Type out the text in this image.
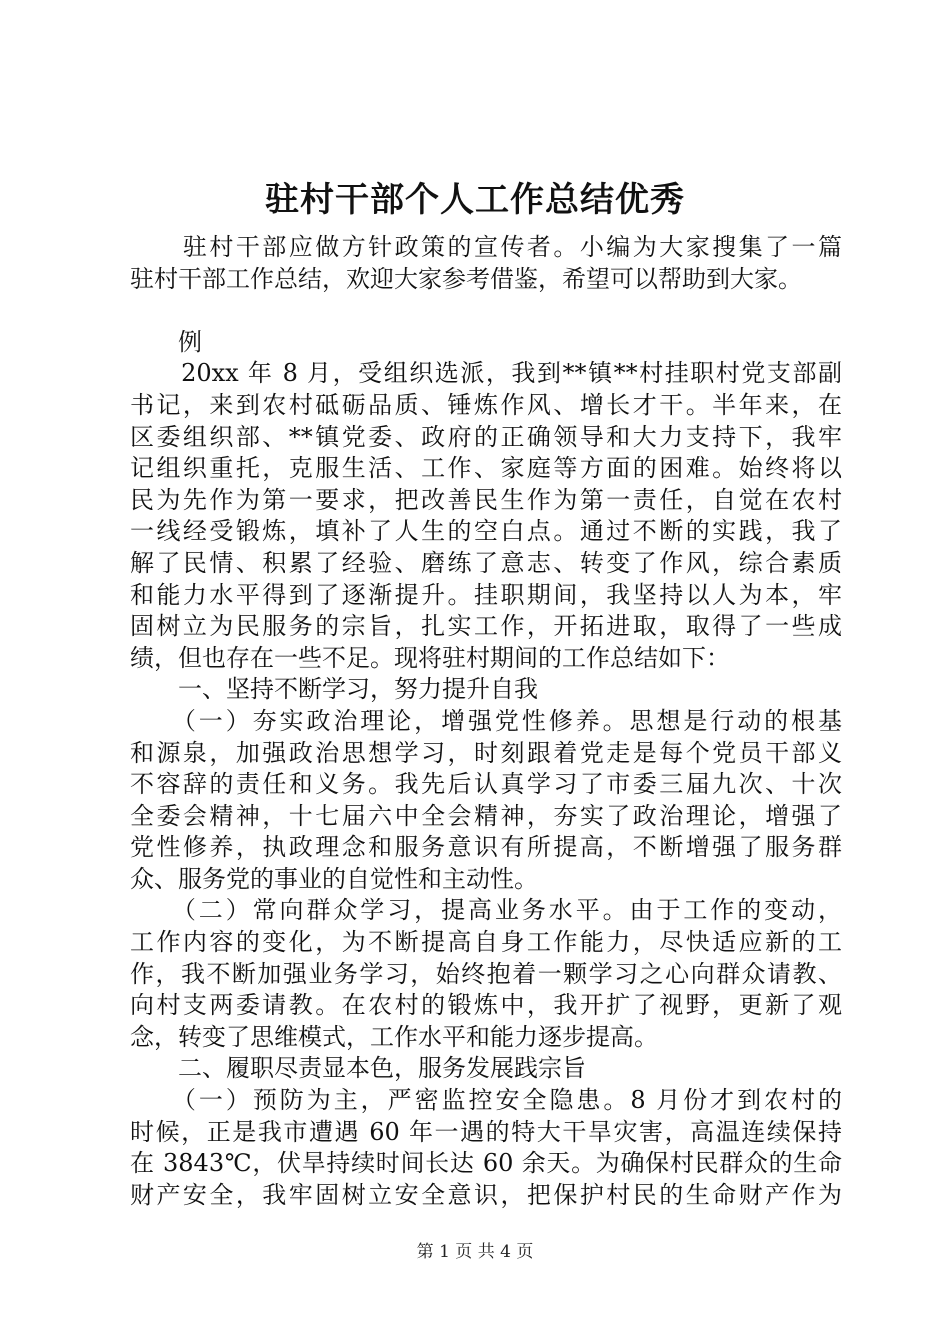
驻村干部个人工作总结优秀
　　驻村干部应做方针政策的宣传者。小编为大家搜集了一篇
驻村干部工作总结，欢迎大家参考借鉴，希望可以帮助到大家。
　　例
　　20xx 年 8 月，受组织选派，我到**镇**村挂职村党支部副
书记，来到农村砥砺品质、锤炼作风、增长才干。半年来，在
区委组织部、**镇党委、政府的正确领导和大力支持下，我牢
记组织重托，克服生活、工作、家庭等方面的困难。始终将以
民为先作为第一要求，把改善民生作为第一责任，自觉在农村
一线经受锻炼，填补了人生的空白点。通过不断的实践，我了
解了民情、积累了经验、磨练了意志、转变了作风，综合素质
和能力水平得到了逐渐提升。挂职期间，我坚持以人为本，牢
固树立为民服务的宗旨，扎实工作，开拓进取，取得了一些成
绩，但也存在一些不足。现将驻村期间的工作总结如下：
　　一、坚持不断学习，努力提升自我
　　（一）夯实政治理论，增强党性修养。思想是行动的根基
和源泉，加强政治思想学习，时刻跟着党走是每个党员干部义
不容辞的责任和义务。我先后认真学习了市委三届九次、十次
全委会精神，十七届六中全会精神，夯实了政治理论，增强了
党性修养，执政理念和服务意识有所提高，不断增强了服务群
众、服务党的事业的自觉性和主动性。
　　（二）常向群众学习，提高业务水平。由于工作的变动，
工作内容的变化，为不断提高自身工作能力，尽快适应新的工
作，我不断加强业务学习，始终抱着一颗学习之心向群众请教、
向村支两委请教。在农村的锻炼中，我开扩了视野，更新了观
念，转变了思维模式，工作水平和能力逐步提高。
　　二、履职尽责显本色，服务发展践宗旨
　　（一）预防为主，严密监控安全隐患。8 月份才到农村的
时候，正是我市遭遇 60 年一遇的特大干旱灾害，高温连续保持
在 3843℃，伏旱持续时间长达 60 余天。为确保村民群众的生命
财产安全，我牢固树立安全意识，把保护村民的生命财产作为
第 1 页 共 4 页
